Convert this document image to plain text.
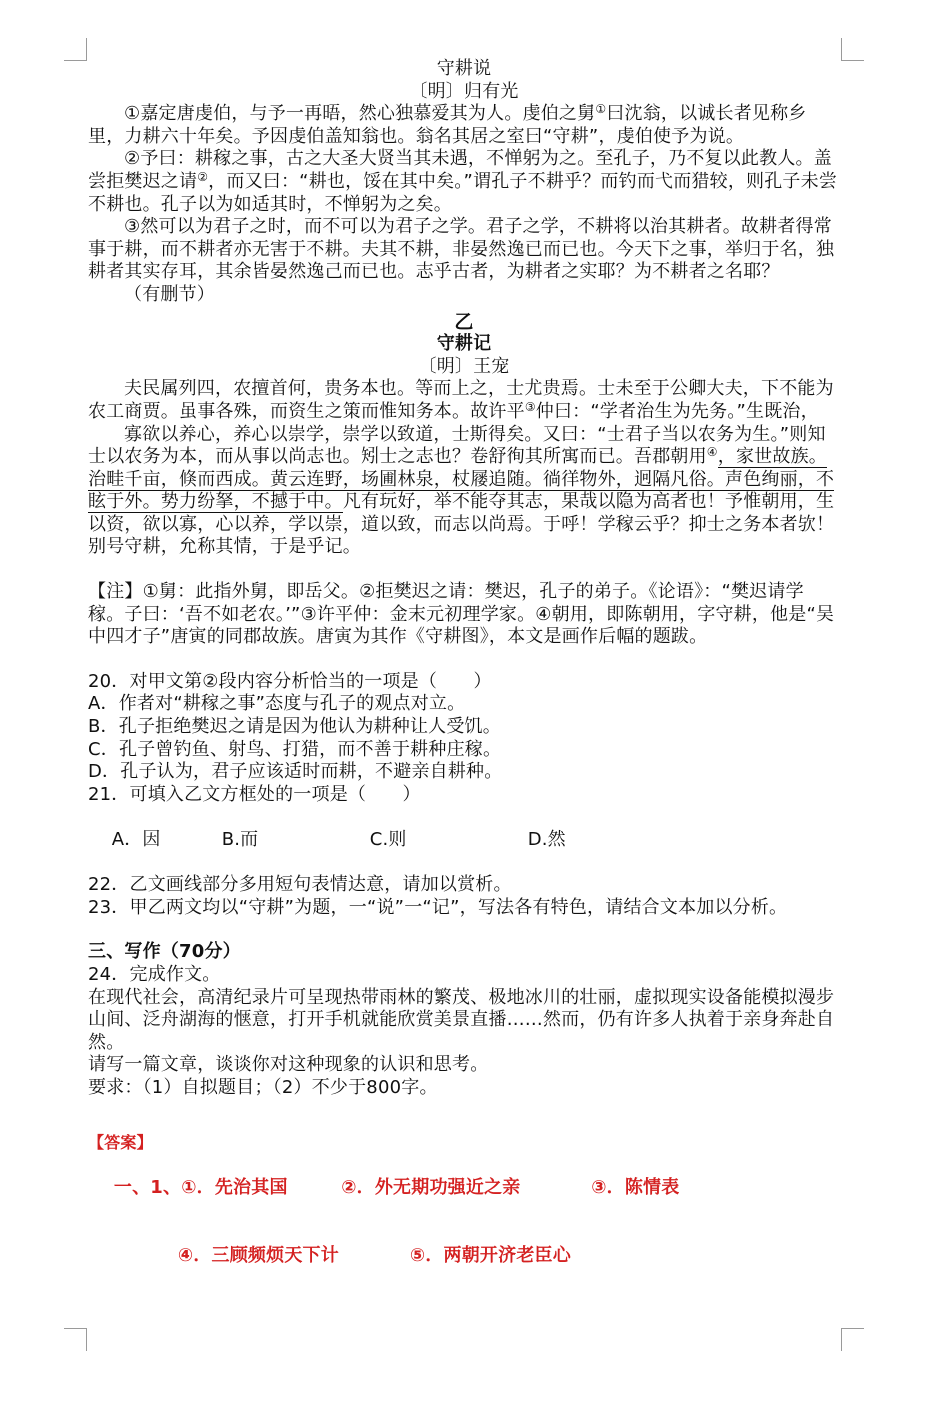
守耕说
〔明〕归有光

①嘉定唐虔伯，与予一再晤，然心独慕爱其为人。虔伯之舅①曰沈翁，以诚长者见称乡里，力耕六十年矣。予因虔伯盖知翁也。翁名其居之室曰“守耕”，虔伯使予为说。

②予曰：耕稼之事，古之大圣大贤当其未遇，不惮躬为之。至孔子，乃不复以此教人。盖尝拒樊迟之请②，而又曰：“耕也，馁在其中矣。”谓孔子不耕乎？而钓而弋而猎较，则孔子未尝不耕也。孔子以为如适其时，不惮躬为之矣。

③然可以为君子之时，而不可以为君子之学。君子之学，不耕将以治其耕者。故耕者得常事于耕，而不耕者亦无害于不耕。夫其不耕，非晏然逸已而已也。今天下之事，举归于名，独耕者其实存耳，其余皆晏然逸己而已也。志乎古者，为耕者之实耶？为不耕者之名耶？

（有删节）

乙
守耕记
〔明〕王宠

夫民属列四，农擅首何，贵务本也。等而上之，士尤贵焉。士未至于公卿大夫，下不能为农工商贾。虽事各殊，而资生之策而惟知务本。故许平③仲曰：“学者治生为先务。”生既治，

寡欲以养心，养心以崇学，崇学以致道，士斯得矣。又曰：“士君子当以农务为生。”则知士以农务为本，而从事以尚志也。矧士之志也？卷舒徇其所寓而已。吾郡朝用④，家世故族。治畦千亩，倏而西成。黄云连野，场圃林泉，杖屦追随。徜徉物外，迥隔凡俗。声色绚丽，不眩于外。势力纷拏，不撼于中。凡有玩好，举不能夺其志，果哉以隐为高者也！予惟朝用，生以资，欲以寡，心以养，学以崇，道以致，而志以尚焉。于呼！学稼云乎？抑士之务本者欤！别号守耕，允称其情，于是乎记。

【注】①舅：此指外舅，即岳父。②拒樊迟之请：樊迟，孔子的弟子。《论语》：“樊迟请学稼。子曰：‘吾不如老农。’”③许平仲：金末元初理学家。④朝用，即陈朝用，字守耕，他是“吴中四才子”唐寅的同郡故族。唐寅为其作《守耕图》，本文是画作后幅的题跋。

20．对甲文第②段内容分析恰当的一项是（　　）

A．作者对“耕稼之事”态度与孔子的观点对立。

B．孔子拒绝樊迟之请是因为他认为耕种让人受饥。

C．孔子曾钓鱼、射鸟、打猎，而不善于耕种庄稼。

D．孔子认为，君子应该适时而耕，不避亲自耕种。

21．可填入乙文方框处的一项是（　　）

A．因	B.而	C.则	D.然

22．乙文画线部分多用短句表情达意，请加以赏析。

23．甲乙两文均以“守耕”为题，一“说”一“记”，写法各有特色，请结合文本加以分析。

三、写作（70分）

24．完成作文。

在现代社会，高清纪录片可呈现热带雨林的繁茂、极地冰川的壮丽，虚拟现实设备能模拟漫步山间、泛舟湖海的惬意，打开手机就能欣赏美景直播……然而，仍有许多人执着于亲身奔赴自然。

请写一篇文章，谈谈你对这种现象的认识和思考。

要求：（1）自拟题目；（2）不少于800字。

【答案】

一、1、①．先治其国	②．外无期功强近之亲	③．陈情表

④．三顾频烦天下计	⑤．两朝开济老臣心
